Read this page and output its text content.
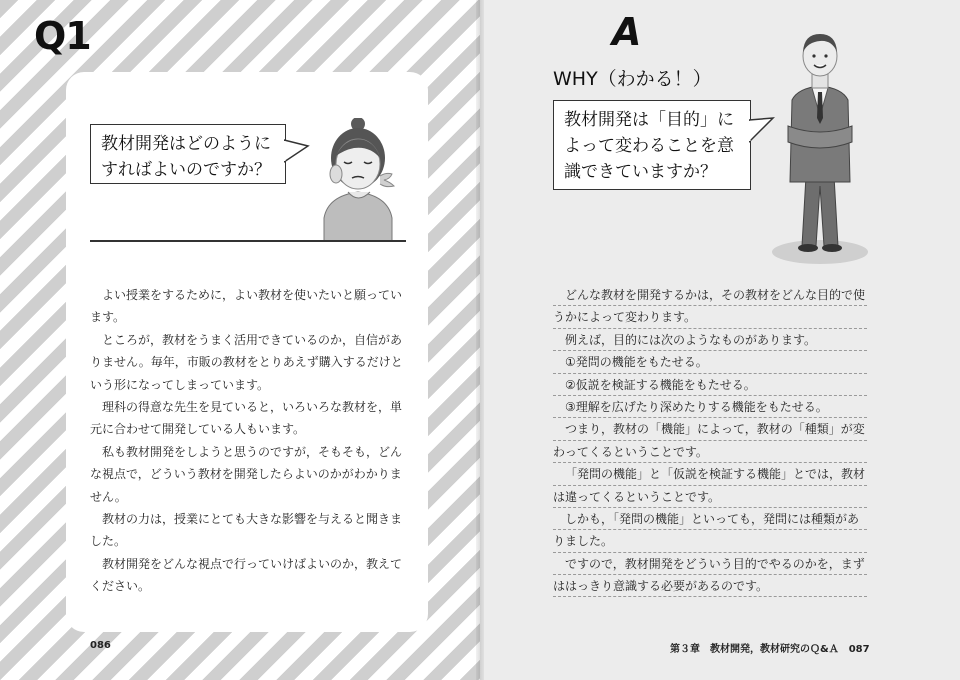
Q1
教材開発はどのように
すればよいのですか？

よい授業をするために，よい教材を使いたいと願っています。

ところが，教材をうまく活用できているのか，自信がありません。毎年，市販の教材をとりあえず購入するだけという形になってしまっています。

理科の得意な先生を見ていると，いろいろな教材を，単元に合わせて開発している人もいます。

私も教材開発をしようと思うのですが，そもそも，どんな視点で，どういう教材を開発したらよいのかがわかりません。

教材の力は，授業にとても大きな影響を与えると聞きました。

教材開発をどんな視点で行っていけばよいのか，教えてください。

086
A
WHY（わかる！）
教材開発は「目的」に
よって変わることを意
識できていますか？
どんな教材を開発するかは，その教材をどんな目的で使
うかによって変わります。
例えば，目的には次のようなものがあります。
①発問の機能をもたせる。
②仮説を検証する機能をもたせる。
③理解を広げたり深めたりする機能をもたせる。
つまり，教材の「機能」によって，教材の「種類」が変
わってくるということです。
「発問の機能」と「仮説を検証する機能」とでは，教材
は違ってくるということです。
しかも，「発問の機能」といっても，発問には種類があ
りました。
ですので，教材開発をどういう目的でやるのかを，まず
ははっきり意識する必要があるのです。
第３章　教材開発，教材研究のＱ&Ａ　087
